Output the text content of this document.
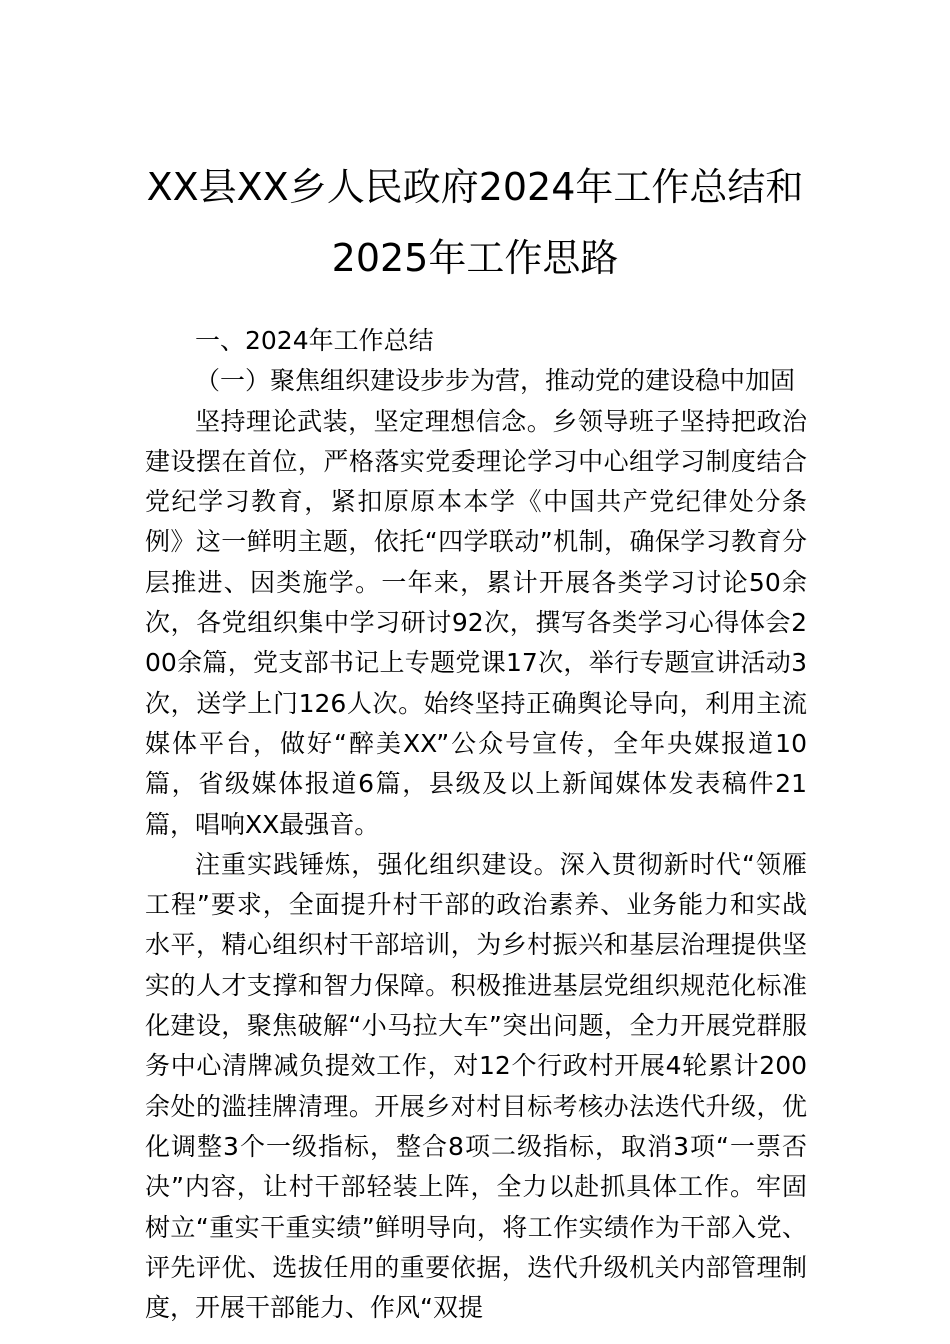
XX县XX乡人民政府2024年工作总结和
2025年工作思路

一、2024年工作总结

（一）聚焦组织建设步步为营，推动党的建设稳中加固

坚持理论武装，坚定理想信念。乡领导班子坚持把政治建设摆在首位，严格落实党委理论学习中心组学习制度结合党纪学习教育，紧扣原原本本学《中国共产党纪律处分条例》这一鲜明主题，依托“四学联动”机制，确保学习教育分层推进、因类施学。一年来，累计开展各类学习讨论50余次，各党组织集中学习研讨92次，撰写各类学习心得体会200余篇，党支部书记上专题党课17次，举行专题宣讲活动3次，送学上门126人次。始终坚持正确舆论导向，利用主流媒体平台，做好“醉美XX”公众号宣传，全年央媒报道10篇，省级媒体报道6篇，县级及以上新闻媒体发表稿件21篇，唱响XX最强音。

注重实践锤炼，强化组织建设。深入贯彻新时代“领雁工程”要求，全面提升村干部的政治素养、业务能力和实战水平，精心组织村干部培训，为乡村振兴和基层治理提供坚实的人才支撑和智力保障。积极推进基层党组织规范化标准化建设，聚焦破解“小马拉大车”突出问题，全力开展党群服务中心清牌减负提效工作，对12个行政村开展4轮累计200余处的滥挂牌清理。开展乡对村目标考核办法迭代升级，优化调整3个一级指标，整合8项二级指标，取消3项“一票否决”内容，让村干部轻装上阵，全力以赴抓具体工作。牢固树立“重实干重实绩”鲜明导向，将工作实绩作为干部入党、评先评优、选拔任用的重要依据，迭代升级机关内部管理制度，开展干部能力、作风“双提
